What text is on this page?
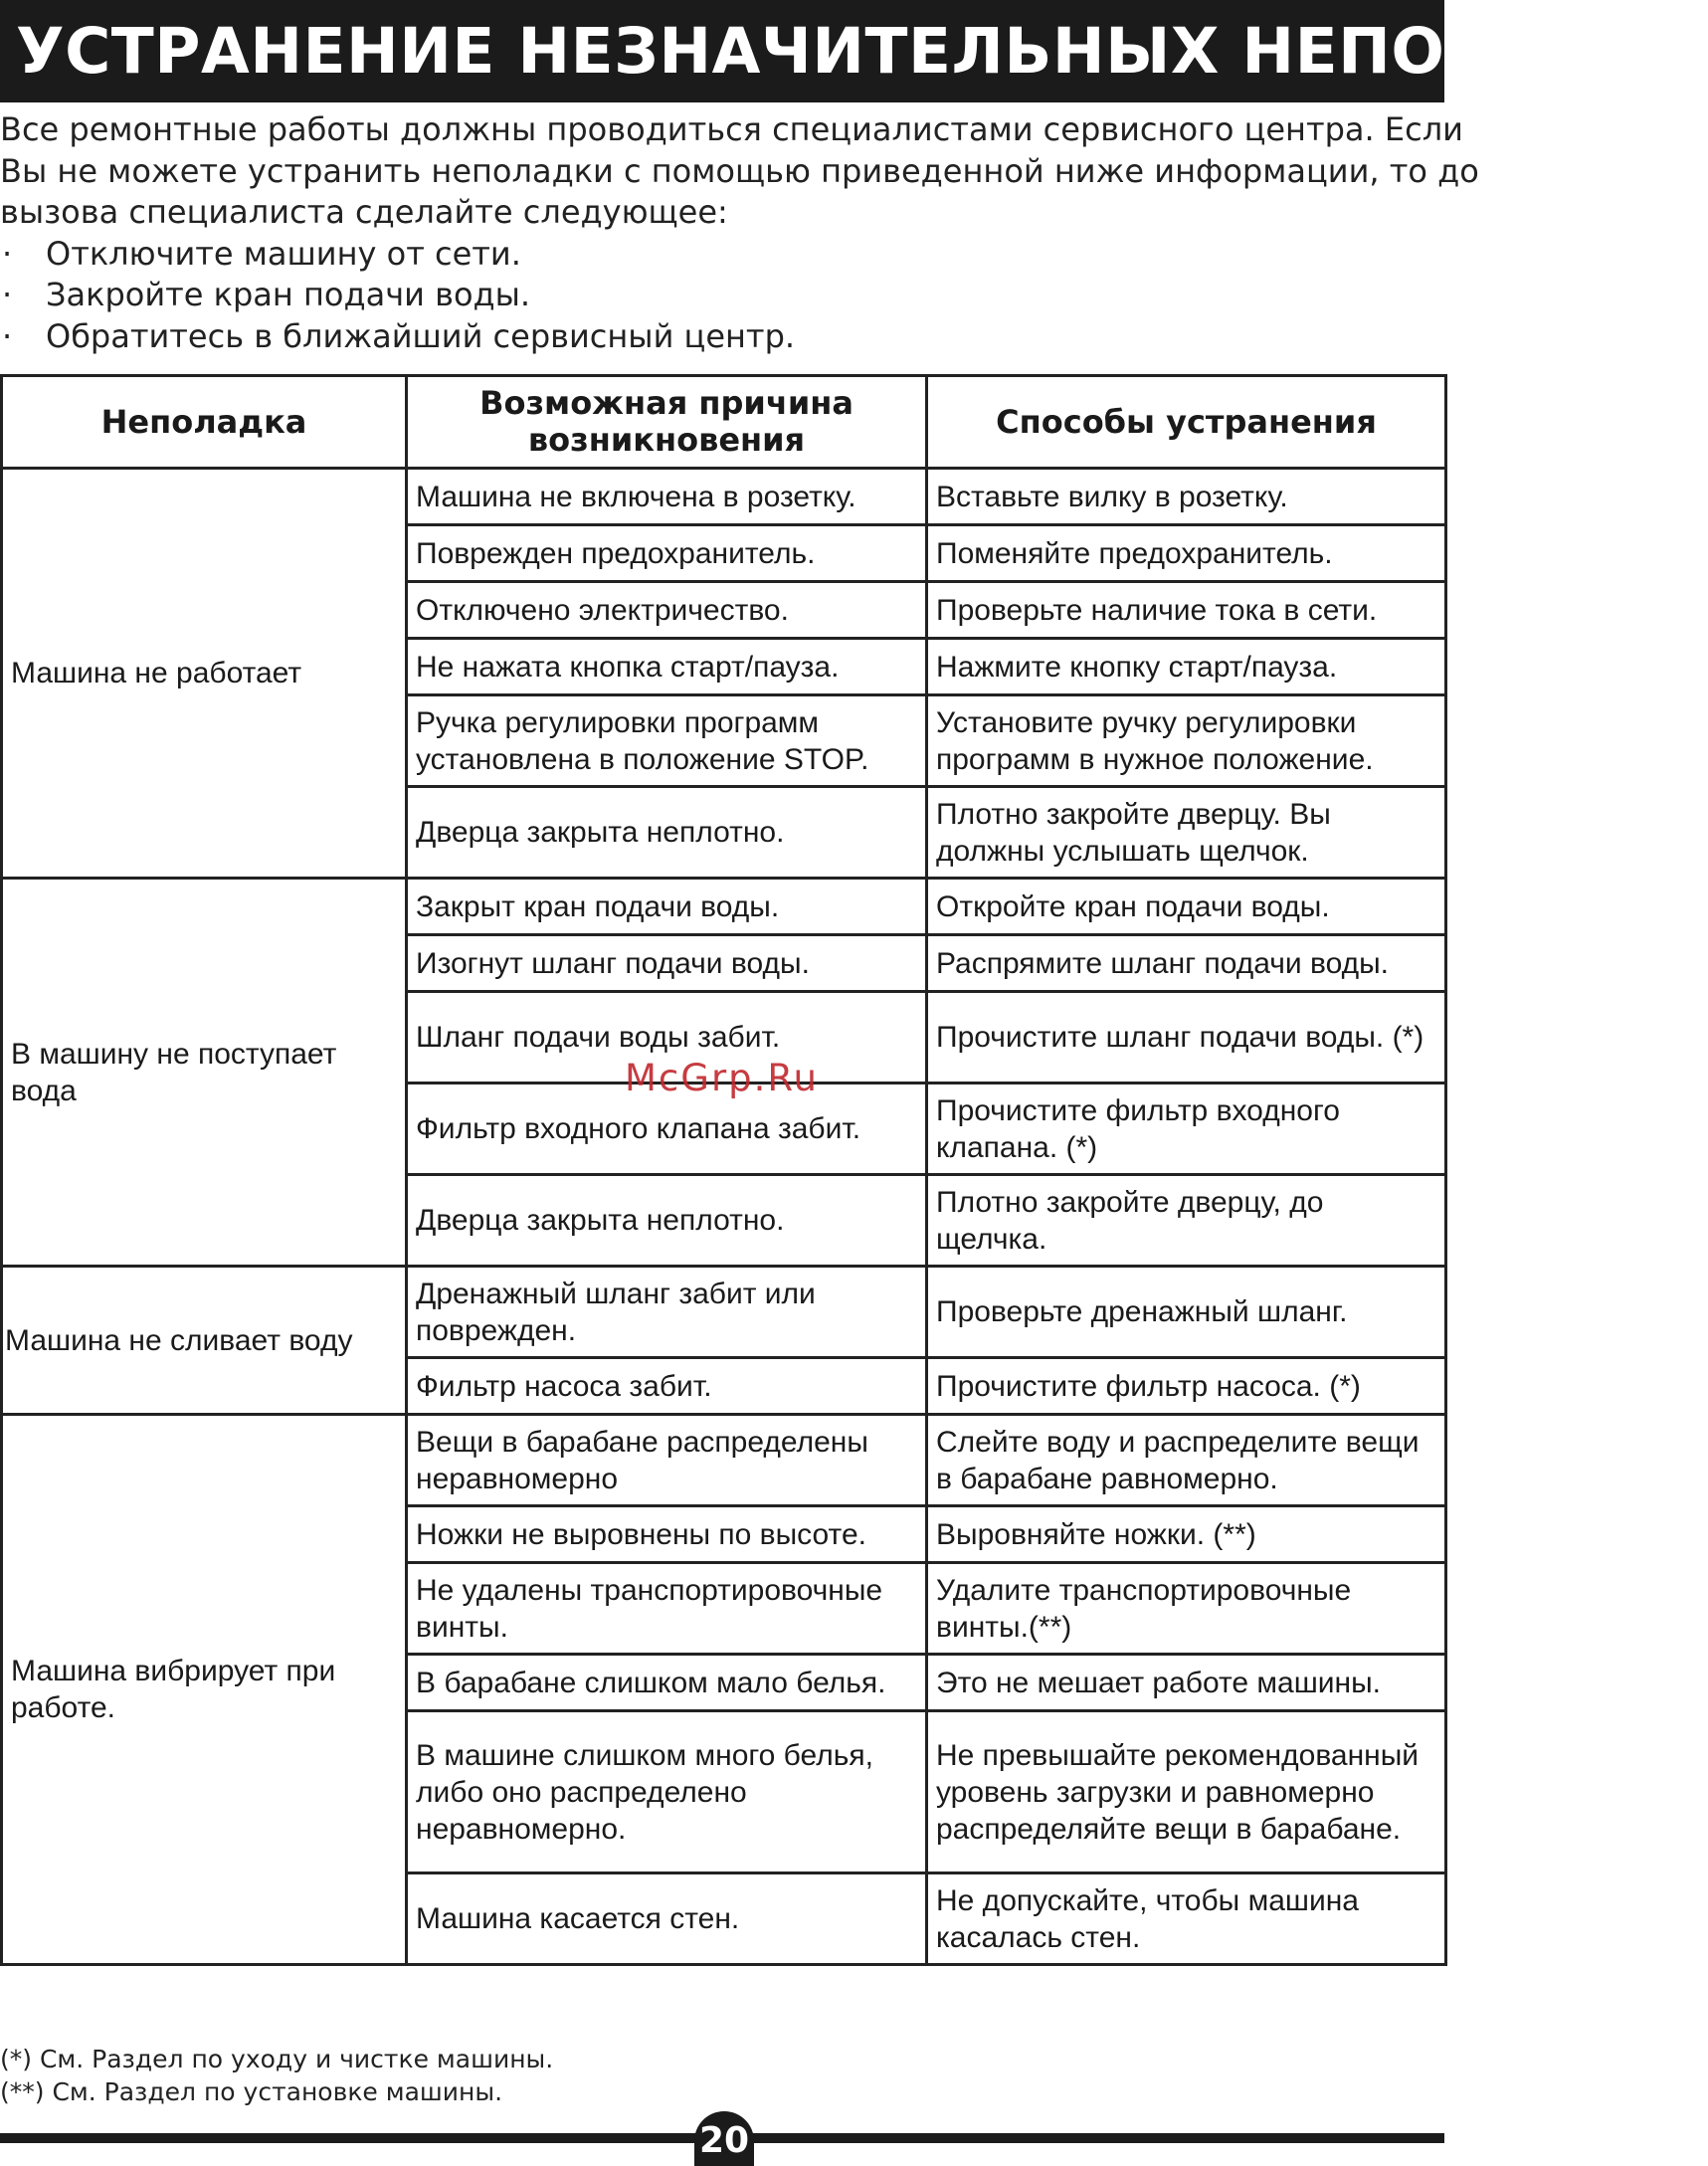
УСТРАНЕНИЕ НЕЗНАЧИТЕЛЬНЫХ НЕПОЛАДОК

Все ремонтные работы должны проводиться специалистами сервисного центра. Если

Вы не можете устранить неполадки с помощью приведенной ниже информации, то до

вызова специалиста сделайте следующее:

· Отключите машину от сети.
· Закройте кран подачи воды.
· Обратитесь в ближайший сервисный центр.
Неполадка	Возможная причина возникновения	Способы устранения
Машина не работает	Машина не включена в розетку.	Вставьте вилку в розетку.
	Поврежден предохранитель.	Поменяйте предохранитель.
	Отключено электричество.	Проверьте наличие тока в сети.
	Не нажата кнопка старт/пауза.	Нажмите кнопку старт/пауза.
	Ручка регулировки программ установлена в положение STOP.	Установите ручку регулировки программ в нужное положение.
	Дверца закрыта неплотно.	Плотно закройте дверцу. Вы должны услышать щелчок.
В машину не поступает вода	Закрыт кран подачи воды.	Откройте кран подачи воды.
	Изогнут шланг подачи воды.	Распрямите шланг подачи воды.
	Шланг подачи воды забит.	Прочистите шланг подачи воды. (*)
	Фильтр входного клапана забит.	Прочистите фильтр входного клапана. (*)
	Дверца закрыта неплотно.	Плотно закройте дверцу, до щелчка.
Машина не сливает воду	Дренажный шланг забит или поврежден.	Проверьте дренажный шланг.
	Фильтр насоса забит.	Прочистите фильтр насоса. (*)
Машина вибрирует при работе.	Вещи в барабане распределены неравномерно	Слейте воду и распределите вещи в барабане равномерно.
	Ножки не выровнены по высоте.	Выровняйте ножки. (**)
	Не удалены транспортировочные винты.	Удалите транспортировочные винты.(**)
	В барабане слишком мало белья.	Это не мешает работе машины.
	В машине слишком много белья, либо оно распределено неравномерно.	Не превышайте рекомендованный уровень загрузки и равномерно распределяйте вещи в барабане.
	Машина касается стен.	Не допускайте, чтобы машина касалась стен.
McGrp.Ru

(*) См. Раздел по уходу и чистке машины.

(**) См. Раздел по установке машины.

20
